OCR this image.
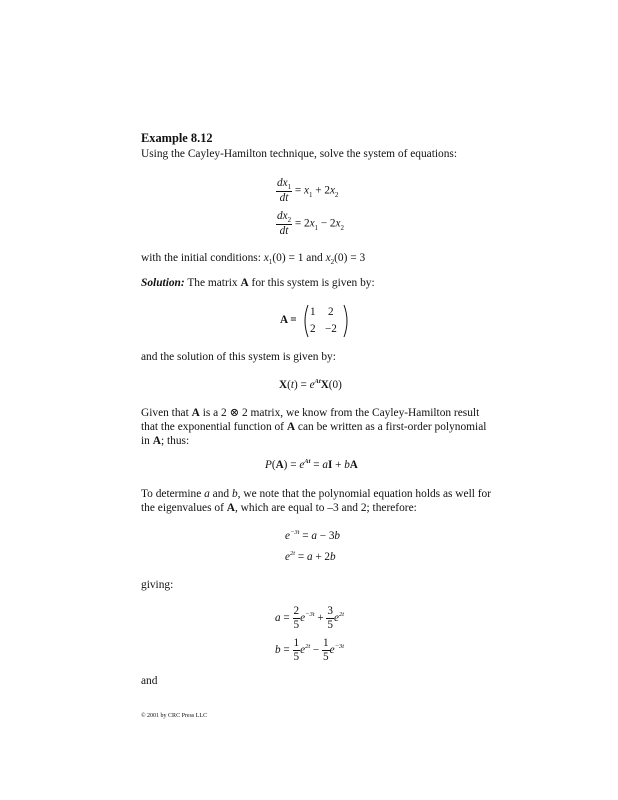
Example 8.12
Using the Cayley-Hamilton technique, solve the system of equations:
$\frac{dx_1}{dt} = x_1 + 2x_2$
$\frac{dx_2}{dt} = 2x_1 - 2x_2$
with the initial conditions: $x_1(0) = 1$ and $x_2(0) = 3$
Solution: The matrix A for this system is given by:
A =
1 2
2 −2
and the solution of this system is given by:
$X(t) = e^{At}X(0)$
Given that A is a 2 ⊗ 2 matrix, we know from the Cayley-Hamilton result
that the exponential function of A can be written as a first-order polynomial
in A; thus:
$P(A) = e^{At}$ = aI + bA
To determine a and b, we note that the polynomial equation holds as well for
the eigenvalues of A, which are equal to –3 and 2; therefore:
$e^{-3t} = a - 3b$
$e^{2t} = a + 2b$
giving:
$a = \frac{2}{5} e^{-3t} + \frac{3}{5} e^{2t}$
$b = \frac{1}{5} e^{2t} - \frac{1}{5} e^{-3t}$
and
© 2001 by CRC Press LLC
